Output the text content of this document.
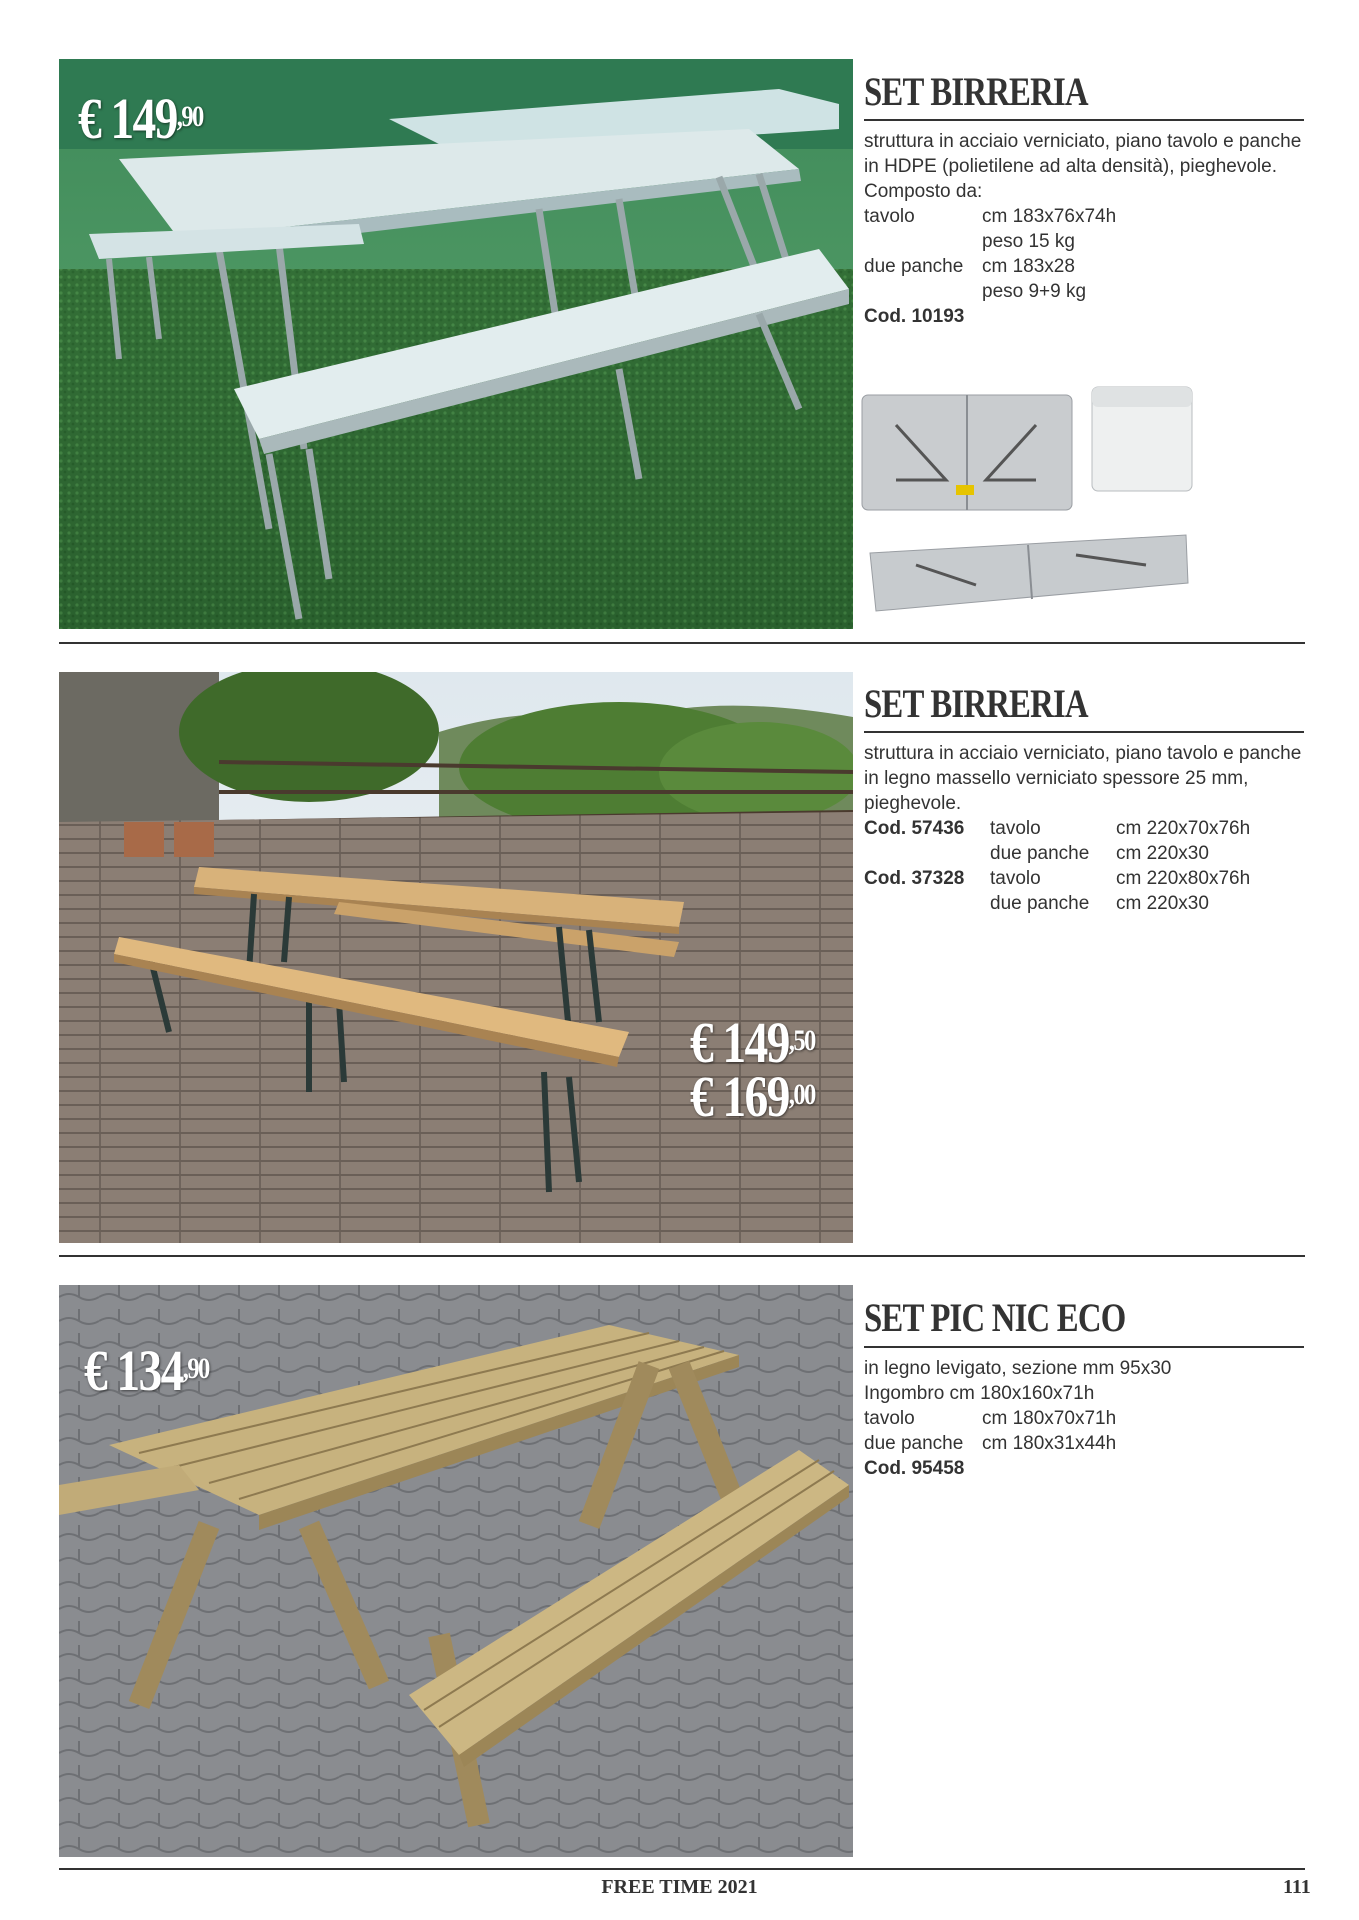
€ $149^{,90}$
SET BIRRERIA

struttura in acciaio verniciato, piano tavolo e panche in HDPE (polietilene ad alta densità), pieghevole.

Composto da:

tavolo	cm 183x76x74h
peso 15 kg
due panche cm 183x28
peso 9+9 kg

Cod. 10193

€ $149^{,50}$
€ $169^{,00}$
SET BIRRERIA

struttura in acciaio verniciato, piano tavolo e panche in legno massello verniciato spessore 25 mm, pieghevole.

Cod. 57436	tavolo	cm 220x70x76h
due panche	cm 220x30
Cod. 37328	tavolo	cm 220x80x76h
due panche	cm 220x30
€ $134^{,90}$
SET PIC NIC ECO

in legno levigato, sezione mm 95x30

Ingombro cm 180x160x71h

tavolo	cm 180x70x71h
due panche cm 180x31x44h

Cod. 95458

FREE TIME 2021	111
